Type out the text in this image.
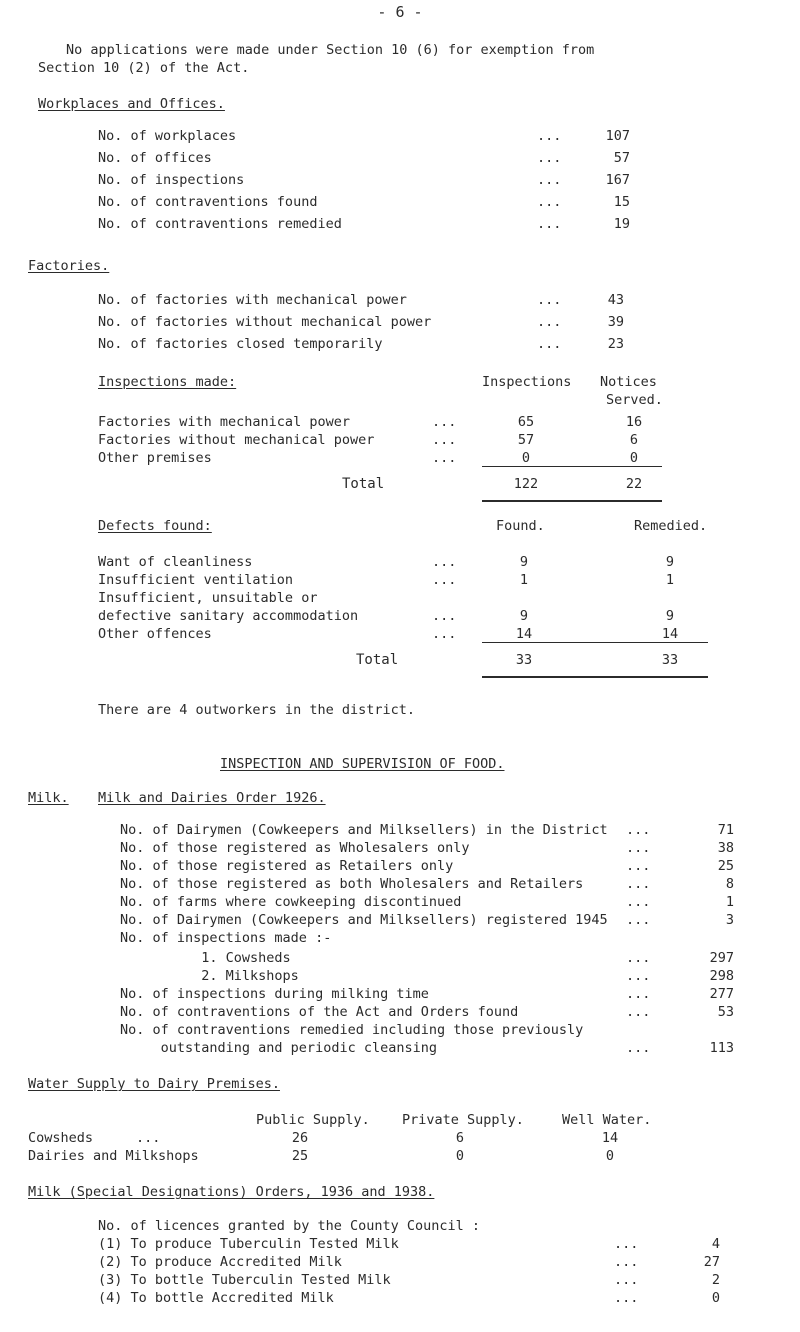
- 6 -
No applications were made under Section 10 (6) for exemption from
Section 10 (2) of the Act.
Workplaces and Offices.
No. of workplaces	...	107
No. of offices	...	57
No. of inspections	...	167
No. of contraventions found	...	15
No. of contraventions remedied	...	19
Factories.
No. of factories with mechanical power	...	43
No. of factories without mechanical power	...	39
No. of factories closed temporarily	...	23
Inspections made:	Inspections Notices
Served.
Factories with mechanical power	...	65	16
Factories without mechanical power	...	57	6
Other premises	...	0	0
Total	122	22
Defects found:	Found.	Remedied.
Want of cleanliness	...	9	9
Insufficient ventilation	...	1	1
Insufficient, unsuitable or
defective sanitary accommodation	...	9	9
Other offences	...	14	14
Total	33	33
There are 4 outworkers in the district.
INSPECTION AND SUPERVISION OF FOOD.
Milk. Milk and Dairies Order 1926.
No. of Dairymen (Cowkeepers and Milksellers) in the District ...	71
No. of those registered as Wholesalers only	...	38
No. of those registered as Retailers only	...	25
No. of those registered as both Wholesalers and Retailers	...	8
No. of farms where cowkeeping discontinued	...	1
No. of Dairymen (Cowkeepers and Milksellers) registered 1945 ...	3
No. of inspections made :-
1. Cowsheds	...	297
2. Milkshops	...	298
No. of inspections during milking time	...	277
No. of contraventions of the Act and Orders found	...	53
No. of contraventions remedied including those previously
outstanding and periodic cleansing	...	113
Water Supply to Dairy Premises.
Public Supply. Private Supply.	Well Water.
Cowsheds	...	26	6	14
Dairies and Milkshops	25	0	0
Milk (Special Designations) Orders, 1936 and 1938.
No. of licences granted by the County Council :
(1) To produce Tuberculin Tested Milk	...	4
(2) To produce Accredited Milk	...	27
(3) To bottle Tuberculin Tested Milk	...	2
(4) To bottle Accredited Milk	...	0
